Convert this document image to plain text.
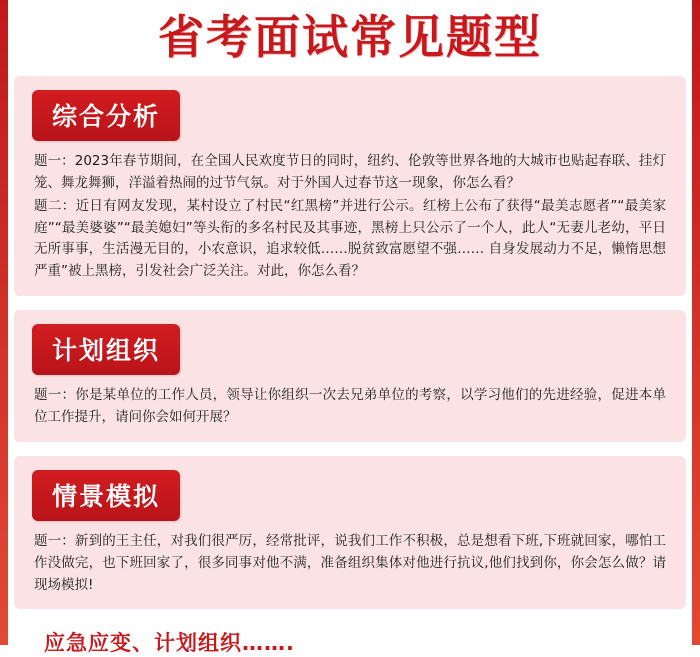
省考面试常见题型
综合分析

题一：2023年春节期间，在全国人民欢度节日的同时，纽约、伦敦等世界各地的大城市也贴起春联、挂灯笼、舞龙舞狮，洋溢着热闹的过节气氛。对于外国人过春节这一现象，你怎么看？

题二：近日有网友发现，某村设立了村民“红黑榜”并进行公示。红榜上公布了获得“最美志愿者”“最美家庭”“最美婆婆”“最美媳妇”等头衔的多名村民及其事迹，黑榜上只公示了一个人，此人“无妻儿老幼，平日无所事事，生活漫无目的，小农意识，追求较低……脱贫致富愿望不强…… 自身发展动力不足，懒惰思想严重”被上黑榜，引发社会广泛关注。对此，你怎么看？

计划组织

题一：你是某单位的工作人员，领导让你组织一次去兄弟单位的考察，以学习他们的先进经验，促进本单位工作提升，请问你会如何开展？

情景模拟

题一：新到的王主任，对我们很严厉，经常批评，说我们工作不积极，总是想看下班,下班就回家，哪怕工作没做完，也下班回家了，很多同事对他不满，准备组织集体对他进行抗议,他们找到你，你会怎么做？请现场模拟!

应急应变、计划组织…….
